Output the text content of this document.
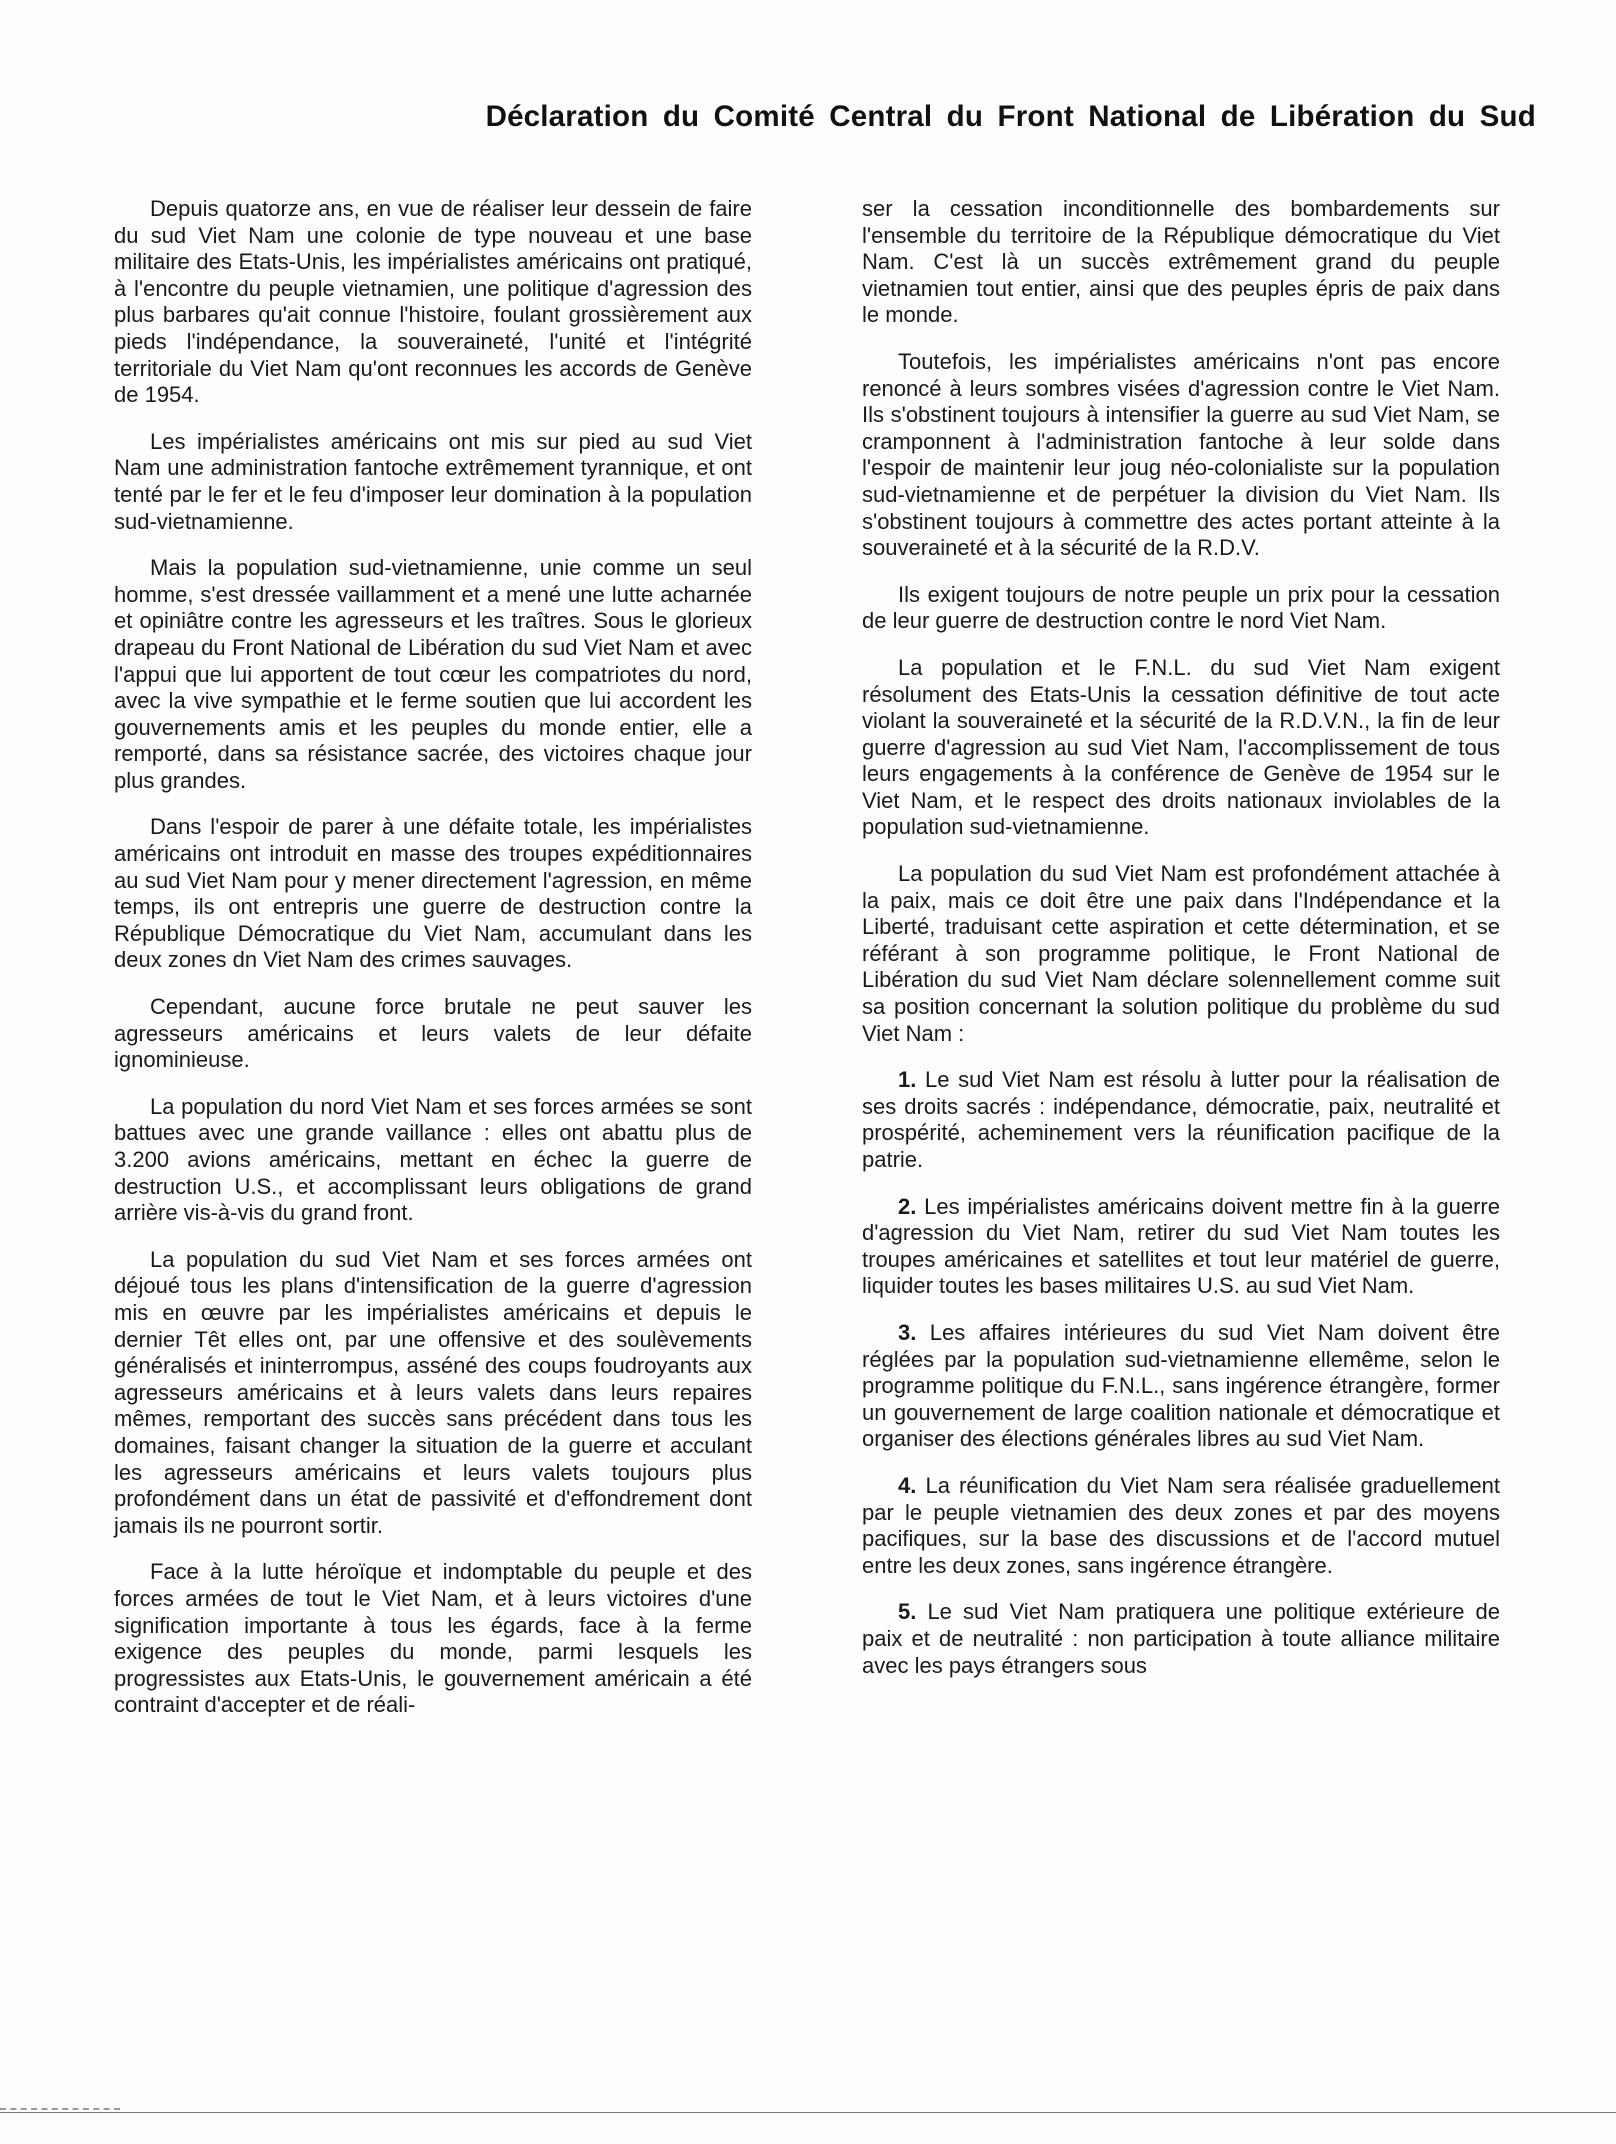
Déclaration du Comité Central du Front National de Libération du Sud

Depuis quatorze ans, en vue de réaliser leur dessein de faire du sud Viet Nam une colonie de type nouveau et une base militaire des Etats-Unis, les impérialistes américains ont pratiqué, à l'encontre du peuple vietnamien, une politique d'agression des plus barbares qu'ait connue l'histoire, foulant grossièrement aux pieds l'indépendance, la souveraineté, l'unité et l'intégrité territoriale du Viet Nam qu'ont reconnues les accords de Genève de 1954.

Les impérialistes américains ont mis sur pied au sud Viet Nam une administration fantoche extrêmement tyrannique, et ont tenté par le fer et le feu d'imposer leur domination à la population sud-vietnamienne.

Mais la population sud-vietnamienne, unie comme un seul homme, s'est dressée vaillamment et a mené une lutte acharnée et opiniâtre contre les agresseurs et les traîtres. Sous le glorieux drapeau du Front National de Libération du sud Viet Nam et avec l'appui que lui apportent de tout cœur les compatriotes du nord, avec la vive sympathie et le ferme soutien que lui accordent les gouvernements amis et les peuples du monde entier, elle a remporté, dans sa résistance sacrée, des victoires chaque jour plus grandes.

Dans l'espoir de parer à une défaite totale, les impérialistes américains ont introduit en masse des troupes expéditionnaires au sud Viet Nam pour y mener directement l'agression, en même temps, ils ont entrepris une guerre de destruction contre la République Démocratique du Viet Nam, accumulant dans les deux zones dn Viet Nam des crimes sauvages.

Cependant, aucune force brutale ne peut sauver les agresseurs américains et leurs valets de leur défaite ignominieuse.

La population du nord Viet Nam et ses forces armées se sont battues avec une grande vaillance : elles ont abattu plus de 3.200 avions américains, mettant en échec la guerre de destruction U.S., et accomplissant leurs obligations de grand arrière vis-à-vis du grand front.

La population du sud Viet Nam et ses forces armées ont déjoué tous les plans d'intensification de la guerre d'agression mis en œuvre par les impérialistes américains et depuis le dernier Têt elles ont, par une offensive et des soulèvements généralisés et ininterrompus, asséné des coups foudroyants aux agresseurs américains et à leurs valets dans leurs repaires mêmes, remportant des succès sans précédent dans tous les domaines, faisant changer la situation de la guerre et acculant les agresseurs américains et leurs valets toujours plus profondément dans un état de passivité et d'effondrement dont jamais ils ne pourront sortir.

Face à la lutte héroïque et indomptable du peuple et des forces armées de tout le Viet Nam, et à leurs victoires d'une signification importante à tous les égards, face à la ferme exigence des peuples du monde, parmi lesquels les progressistes aux Etats-Unis, le gouvernement américain a été contraint d'accepter et de réali-

ser la cessation inconditionnelle des bombardements sur l'ensemble du territoire de la République démocratique du Viet Nam. C'est là un succès extrêmement grand du peuple vietnamien tout entier, ainsi que des peuples épris de paix dans le monde.

Toutefois, les impérialistes américains n'ont pas encore renoncé à leurs sombres visées d'agression contre le Viet Nam. Ils s'obstinent toujours à intensifier la guerre au sud Viet Nam, se cramponnent à l'administration fantoche à leur solde dans l'espoir de maintenir leur joug néo-colonialiste sur la population sud-vietnamienne et de perpétuer la division du Viet Nam. Ils s'obstinent toujours à commettre des actes portant atteinte à la souveraineté et à la sécurité de la R.D.V.

Ils exigent toujours de notre peuple un prix pour la cessation de leur guerre de destruction contre le nord Viet Nam.

La population et le F.N.L. du sud Viet Nam exigent résolument des Etats-Unis la cessation définitive de tout acte violant la souveraineté et la sécurité de la R.D.V.N., la fin de leur guerre d'agression au sud Viet Nam, l'accomplissement de tous leurs engagements à la conférence de Genève de 1954 sur le Viet Nam, et le respect des droits nationaux inviolables de la population sud-vietnamienne.

La population du sud Viet Nam est profondément attachée à la paix, mais ce doit être une paix dans l'Indépendance et la Liberté, traduisant cette aspiration et cette détermination, et se référant à son programme politique, le Front National de Libération du sud Viet Nam déclare solennellement comme suit sa position concernant la solution politique du problème du sud Viet Nam :

1. Le sud Viet Nam est résolu à lutter pour la réalisation de ses droits sacrés : indépendance, démocratie, paix, neutralité et prospérité, acheminement vers la réunification pacifique de la patrie.

2. Les impérialistes américains doivent mettre fin à la guerre d'agression du Viet Nam, retirer du sud Viet Nam toutes les troupes américaines et satellites et tout leur matériel de guerre, liquider toutes les bases militaires U.S. au sud Viet Nam.

3. Les affaires intérieures du sud Viet Nam doivent être réglées par la population sud-vietnamienne ellemême, selon le programme politique du F.N.L., sans ingérence étrangère, former un gouvernement de large coalition nationale et démocratique et organiser des élections générales libres au sud Viet Nam.

4. La réunification du Viet Nam sera réalisée graduellement par le peuple vietnamien des deux zones et par des moyens pacifiques, sur la base des discussions et de l'accord mutuel entre les deux zones, sans ingérence étrangère.

5. Le sud Viet Nam pratiquera une politique extérieure de paix et de neutralité : non participation à toute alliance militaire avec les pays étrangers sous
